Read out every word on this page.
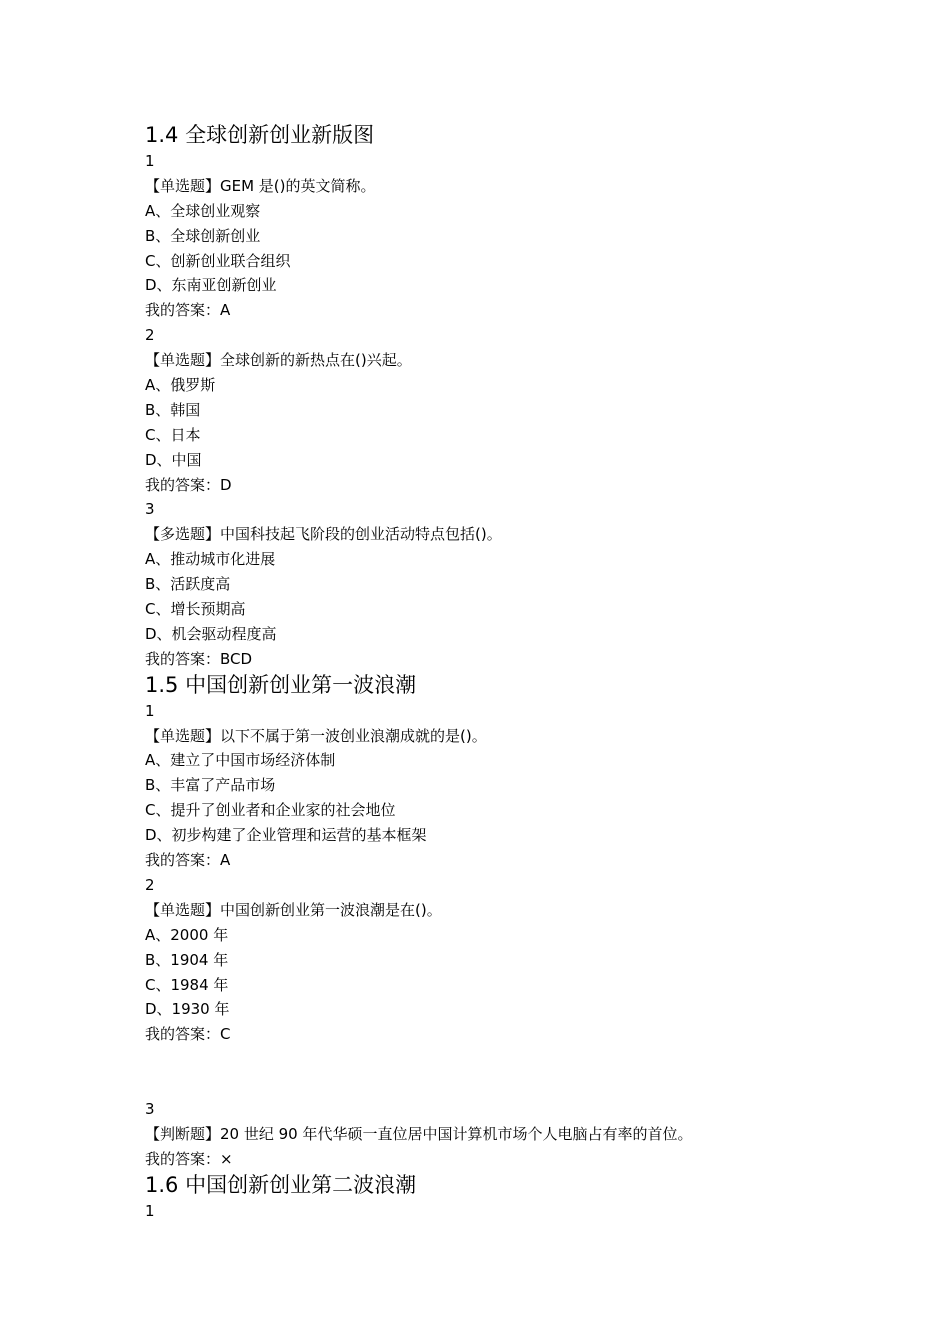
1.4 全球创新创业新版图
1
【单选题】GEM 是()的英文简称。
A、全球创业观察
B、全球创新创业
C、创新创业联合组织
D、东南亚创新创业
我的答案：A
2
【单选题】全球创新的新热点在()兴起。
A、俄罗斯
B、韩国
C、日本
D、中国
我的答案：D
3
【多选题】中国科技起飞阶段的创业活动特点包括()。
A、推动城市化进展
B、活跃度高
C、增长预期高
D、机会驱动程度高
我的答案：BCD
1.5 中国创新创业第一波浪潮
1
【单选题】以下不属于第一波创业浪潮成就的是()。
A、建立了中国市场经济体制
B、丰富了产品市场
C、提升了创业者和企业家的社会地位
D、初步构建了企业管理和运营的基本框架
我的答案：A
2
【单选题】中国创新创业第一波浪潮是在()。
A、2000 年
B、1904 年
C、1984 年
D、1930 年
我的答案：C
3
【判断题】20 世纪 90 年代华硕一直位居中国计算机市场个人电脑占有率的首位。
我的答案：×
1.6 中国创新创业第二波浪潮
1
